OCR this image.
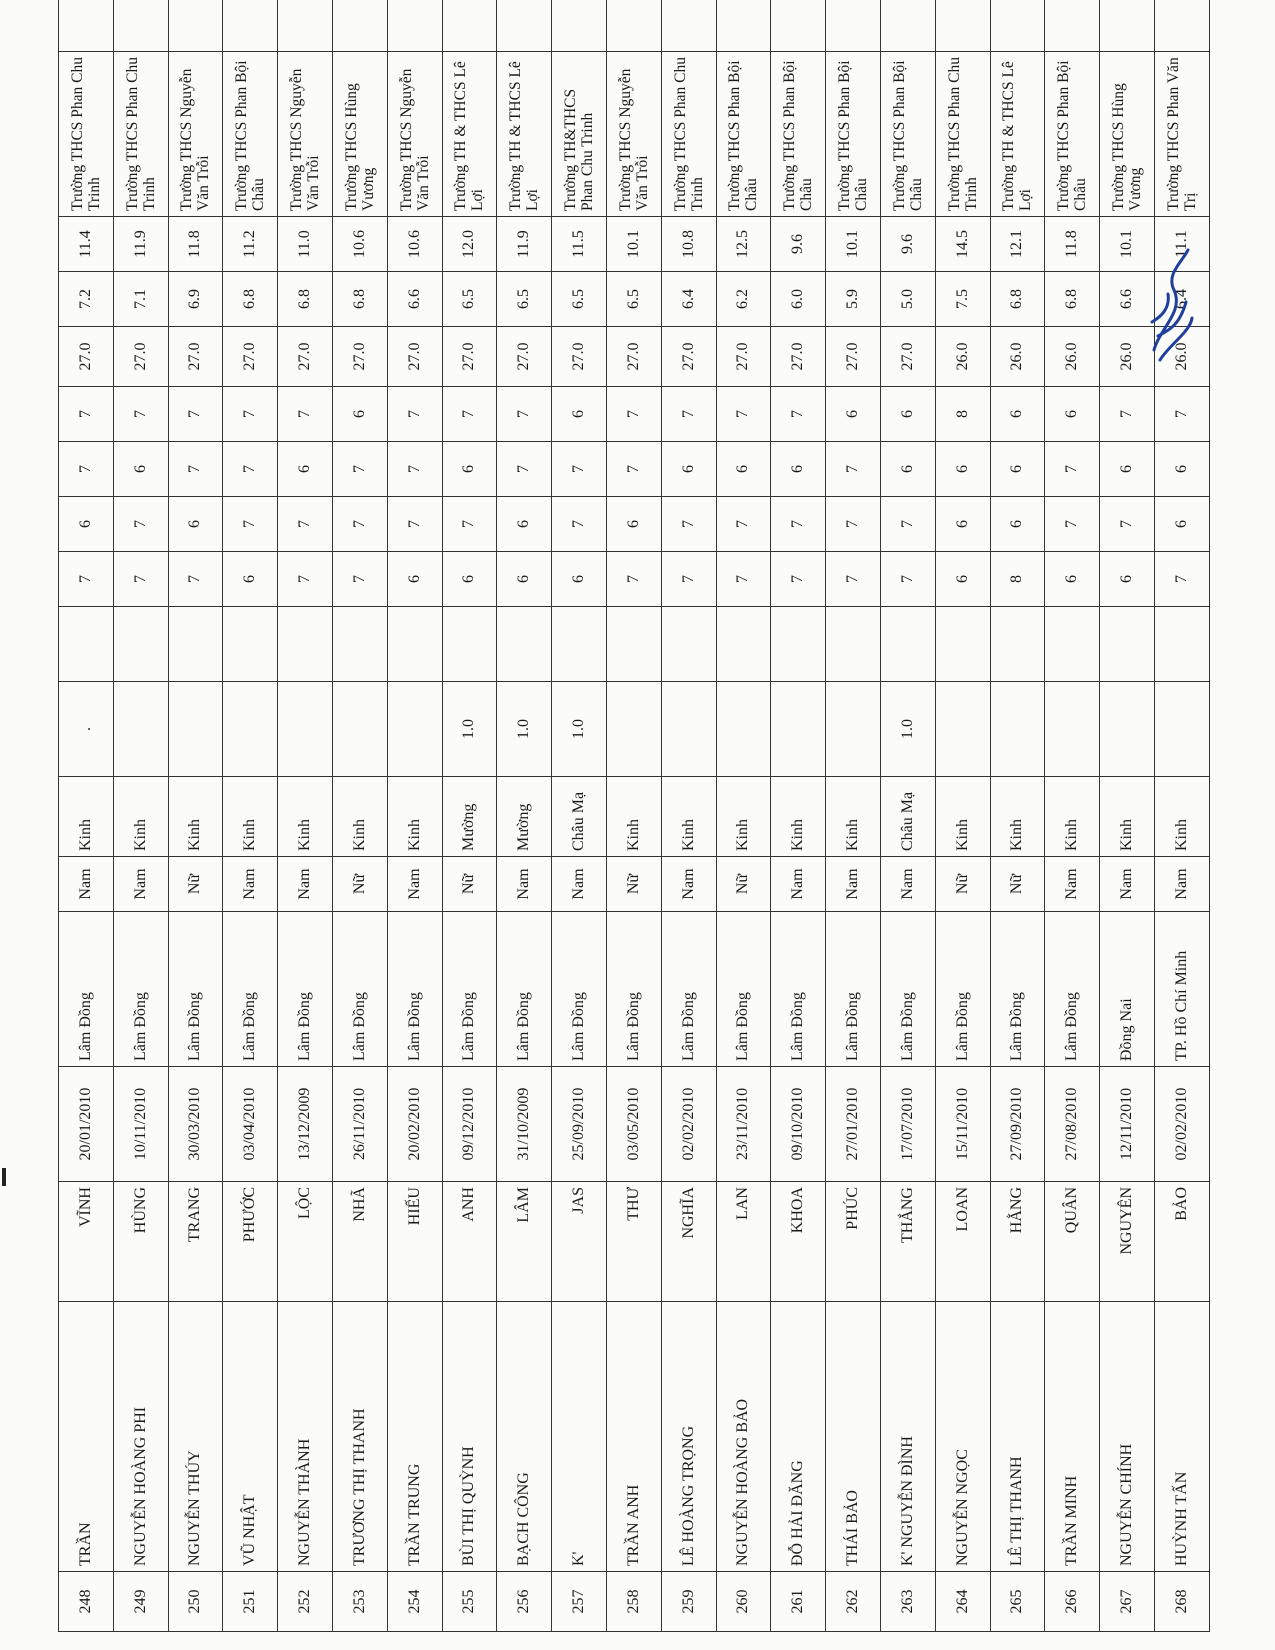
248	TRẦN	VĨNH	20/01/2010	Lâm Đồng	Nam	Kinh	.		7	6	7	7	27.0	7.2	11.4	Trường THCS Phan Chu Trinh		
249	NGUYỄN HOÀNG PHI	HÙNG	10/11/2010	Lâm Đồng	Nam	Kinh			7	7	6	7	27.0	7.1	11.9	Trường THCS Phan Chu Trinh		
250	NGUYỄN THÚY	TRANG	30/03/2010	Lâm Đồng	Nữ	Kinh			7	6	7	7	27.0	6.9	11.8	Trường THCS Nguyễn Văn Trỗi		
251	VŨ NHẬT	PHƯỚC	03/04/2010	Lâm Đồng	Nam	Kinh			6	7	7	7	27.0	6.8	11.2	Trường THCS Phan Bội Châu		
252	NGUYỄN THÀNH	LỘC	13/12/2009	Lâm Đồng	Nam	Kinh			7	7	6	7	27.0	6.8	11.0	Trường THCS Nguyễn Văn Trỗi		
253	TRƯƠNG THỊ THANH	NHÃ	26/11/2010	Lâm Đồng	Nữ	Kinh			7	7	7	6	27.0	6.8	10.6	Trường THCS Hùng Vương		
254	TRẦN TRUNG	HIẾU	20/02/2010	Lâm Đồng	Nam	Kinh			6	7	7	7	27.0	6.6	10.6	Trường THCS Nguyễn Văn Trỗi		
255	BÙI THỊ QUỲNH	ANH	09/12/2010	Lâm Đồng	Nữ	Mường	1.0		6	7	6	7	27.0	6.5	12.0	Trường TH & THCS Lê Lợi		
256	BẠCH CÔNG	LÂM	31/10/2009	Lâm Đồng	Nam	Mường	1.0		6	6	7	7	27.0	6.5	11.9	Trường TH & THCS Lê Lợi		
257	K'	JAS	25/09/2010	Lâm Đồng	Nam	Châu Mạ	1.0		6	7	7	6	27.0	6.5	11.5	Trường TH&THCS Phan Chu Trinh		
258	TRẦN ANH	THƯ	03/05/2010	Lâm Đồng	Nữ	Kinh			7	6	7	7	27.0	6.5	10.1	Trường THCS Nguyễn Văn Trỗi		
259	LÊ HOÀNG TRỌNG	NGHĨA	02/02/2010	Lâm Đồng	Nam	Kinh			7	7	6	7	27.0	6.4	10.8	Trường THCS Phan Chu Trinh		
260	NGUYỄN HOÀNG BẢO	LAN	23/11/2010	Lâm Đồng	Nữ	Kinh			7	7	6	7	27.0	6.2	12.5	Trường THCS Phan Bội Châu		
261	ĐỖ HẢI ĐĂNG	KHOA	09/10/2010	Lâm Đồng	Nam	Kinh			7	7	6	7	27.0	6.0	9.6	Trường THCS Phan Bội Châu		
262	THÁI BẢO	PHÚC	27/01/2010	Lâm Đồng	Nam	Kinh			7	7	7	6	27.0	5.9	10.1	Trường THCS Phan Bội Châu		
263	K' NGUYỄN ĐÌNH	THẮNG	17/07/2010	Lâm Đồng	Nam	Châu Mạ	1.0		7	7	6	6	27.0	5.0	9.6	Trường THCS Phan Bội Châu		
264	NGUYỄN NGỌC	LOAN	15/11/2010	Lâm Đồng	Nữ	Kinh			6	6	6	8	26.0	7.5	14.5	Trường THCS Phan Chu Trinh		
265	LÊ THỊ THANH	HẰNG	27/09/2010	Lâm Đồng	Nữ	Kinh			8	6	6	6	26.0	6.8	12.1	Trường TH & THCS Lê Lợi		
266	TRẦN MINH	QUÂN	27/08/2010	Lâm Đồng	Nam	Kinh			6	7	7	6	26.0	6.8	11.8	Trường THCS Phan Bội Châu		
267	NGUYỄN CHÍNH	NGUYÊN	12/11/2010	Đồng Nai	Nam	Kinh			6	7	6	7	26.0	6.6	10.1	Trường THCS Hùng Vương		
268	HUỲNH TẤN	BẢO	02/02/2010	TP. Hồ Chí Minh	Nam	Kinh			7	6	6	7	26.0	6.4	11.1	Trường THCS Phan Văn Trị		
